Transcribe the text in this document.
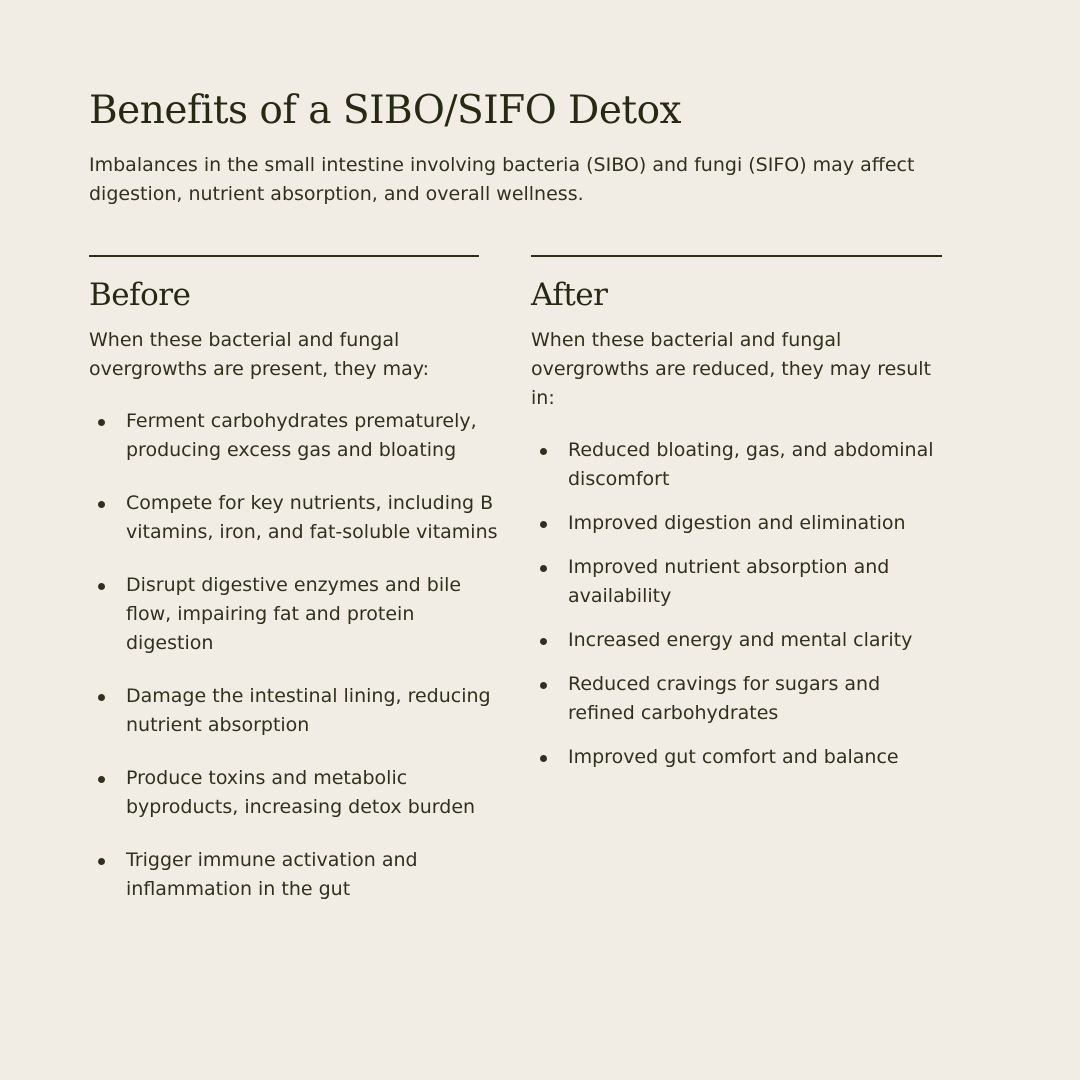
Benefits of a SIBO/SIFO Detox

Imbalances in the small intestine involving bacteria (SIBO) and fungi (SIFO) may affect digestion, nutrient absorption, and overall wellness.

Before

When these bacterial and fungal overgrowths are present, they may:

Ferment carbohydrates prematurely, producing excess gas and bloating
Compete for key nutrients, including B vitamins, iron, and fat-soluble vitamins
Disrupt digestive enzymes and bile flow, impairing fat and protein digestion
Damage the intestinal lining, reducing nutrient absorption
Produce toxins and metabolic byproducts, increasing detox burden
Trigger immune activation and inflammation in the gut
After

When these bacterial and fungal overgrowths are reduced, they may result in:

Reduced bloating, gas, and abdominal discomfort
Improved digestion and elimination
Improved nutrient absorption and availability
Increased energy and mental clarity
Reduced cravings for sugars and refined carbohydrates
Improved gut comfort and balance
